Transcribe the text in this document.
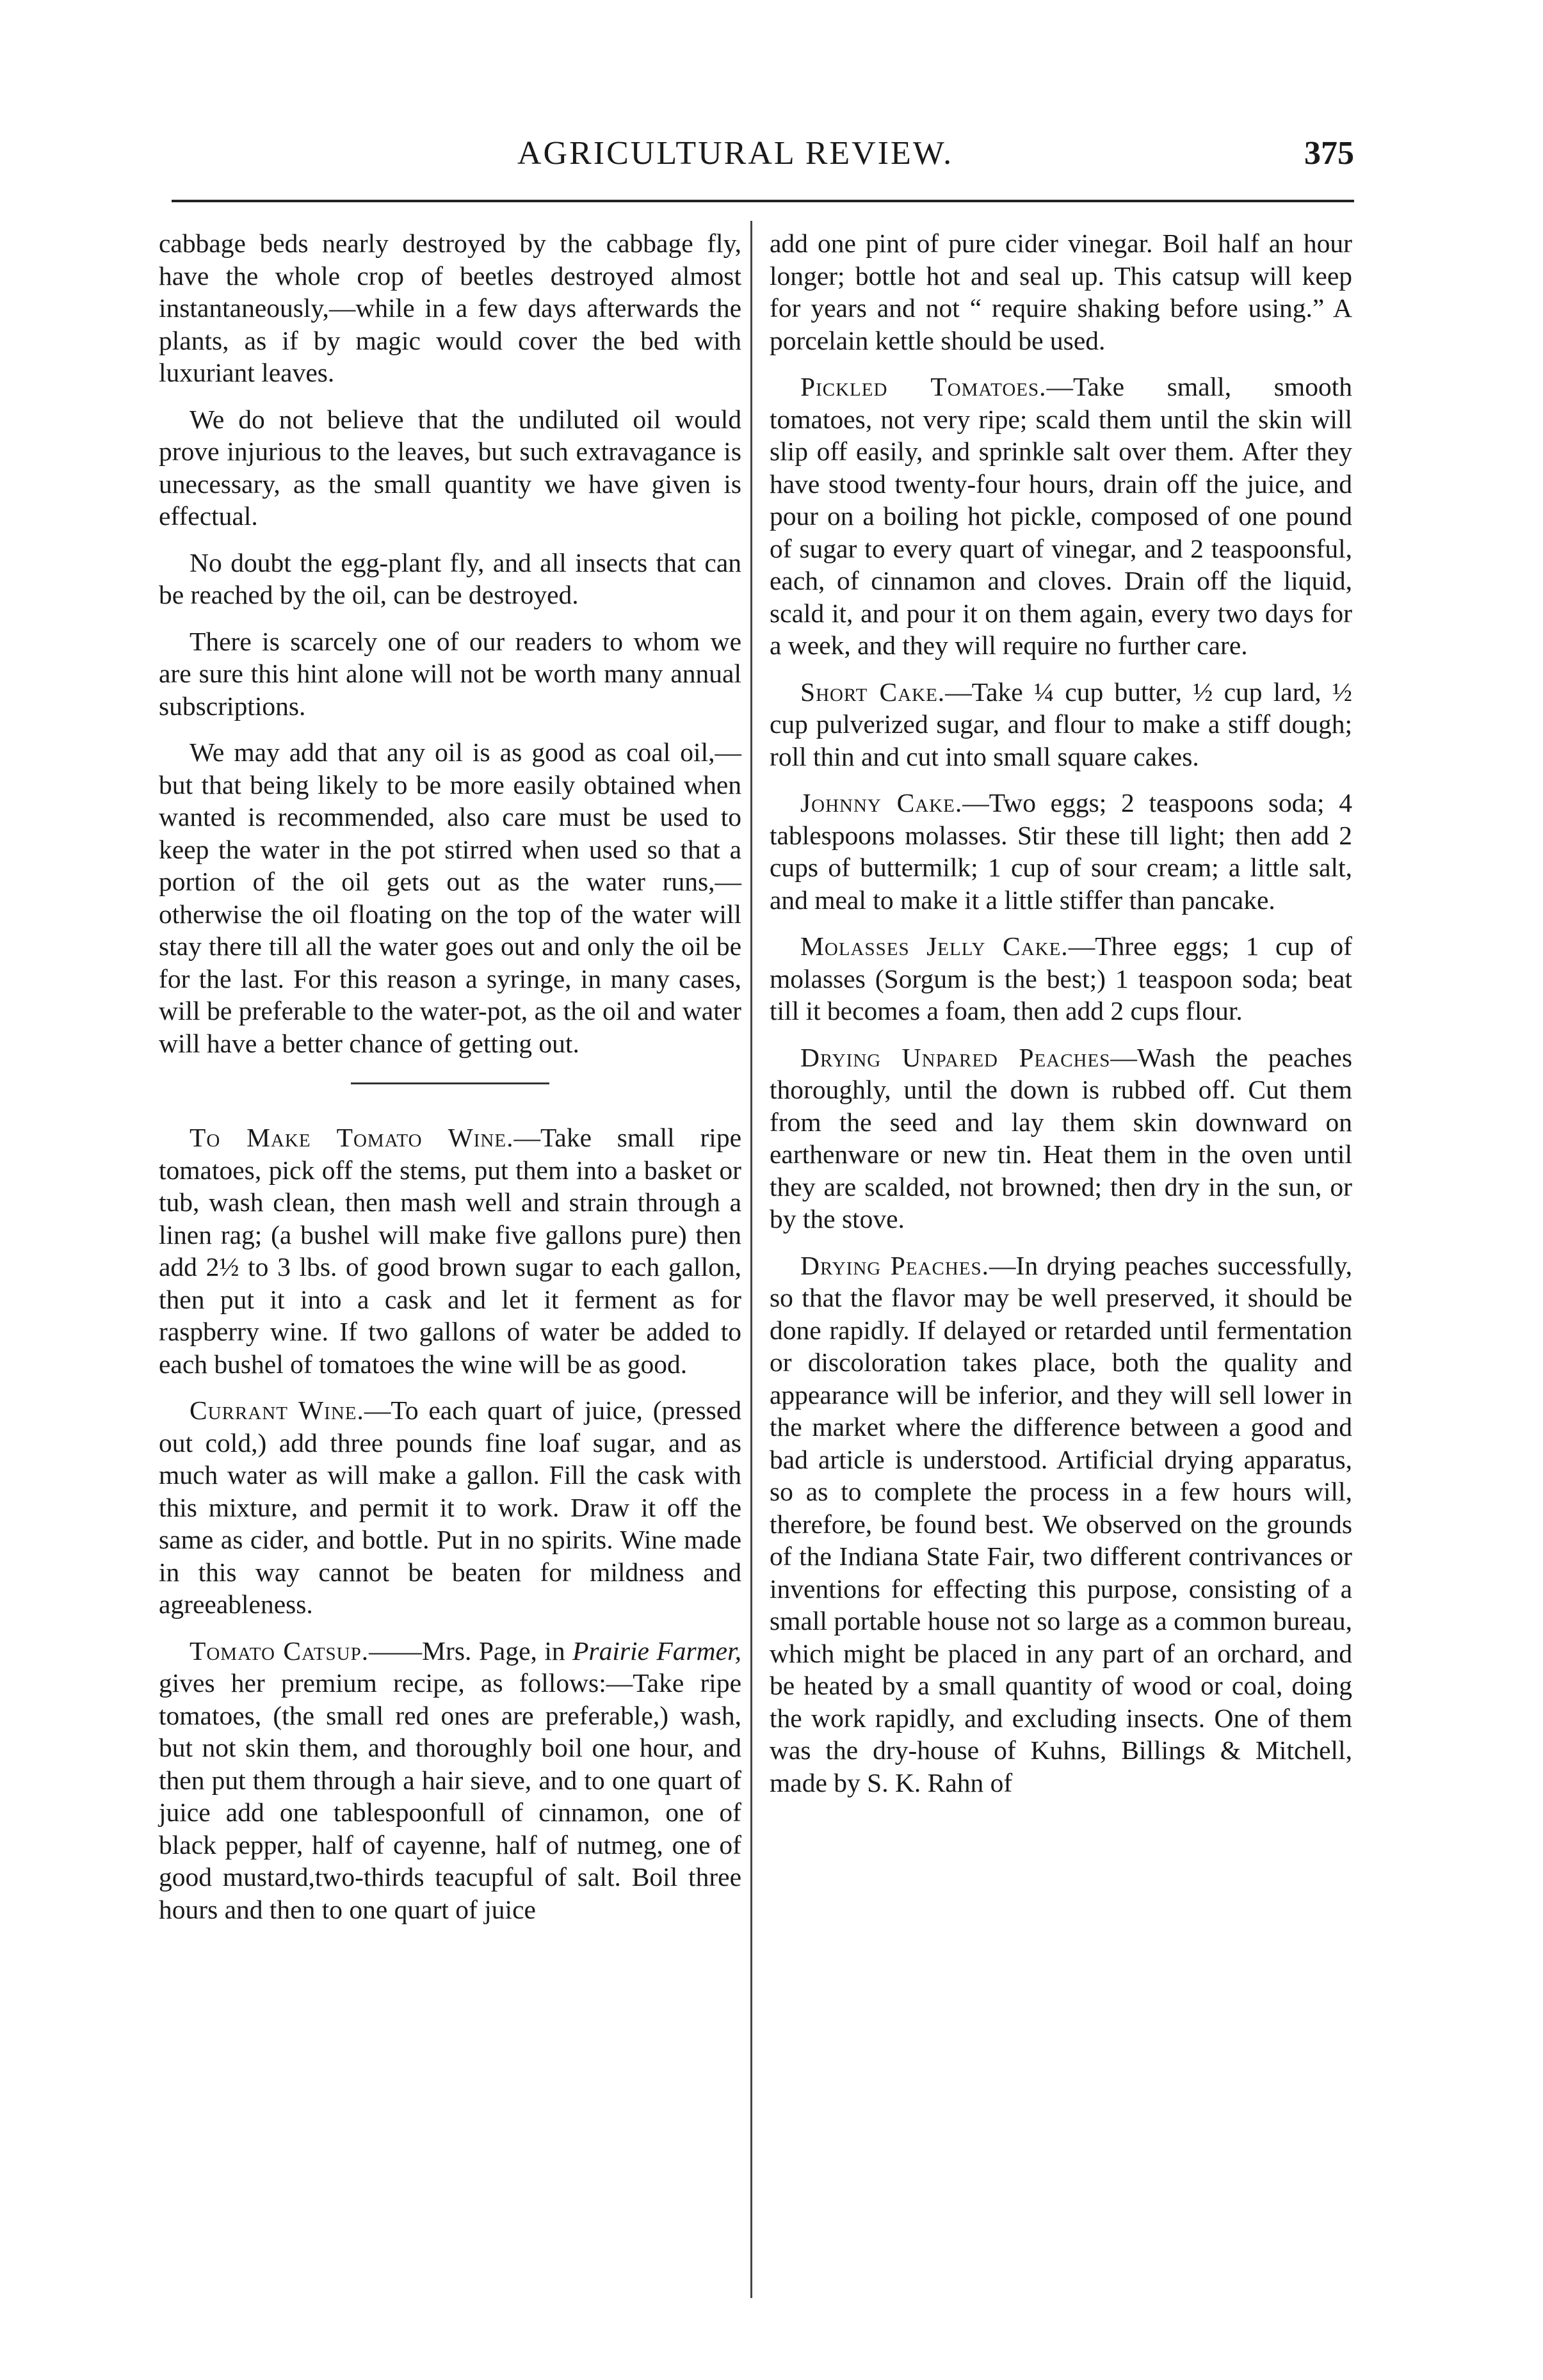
AGRICULTURAL REVIEW.	375

cabbage beds nearly destroyed by the cabbage fly, have the whole crop of beetles destroyed almost instantaneously,—while in a few days afterwards the plants, as if by magic would cover the bed with luxuriant leaves.

We do not believe that the undiluted oil would prove injurious to the leaves, but such extravagance is unecessary, as the small quantity we have given is effectual.

No doubt the egg-plant fly, and all insects that can be reached by the oil, can be destroyed.

There is scarcely one of our readers to whom we are sure this hint alone will not be worth many annual subscriptions.

We may add that any oil is as good as coal oil,—but that being likely to be more easily obtained when wanted is recommended, also care must be used to keep the water in the pot stirred when used so that a portion of the oil gets out as the water runs,—otherwise the oil floating on the top of the water will stay there till all the water goes out and only the oil be for the last. For this reason a syringe, in many cases, will be preferable to the water-pot, as the oil and water will have a better chance of getting out.

To Make Tomato Wine.—Take small ripe tomatoes, pick off the stems, put them into a basket or tub, wash clean, then mash well and strain through a linen rag; (a bushel will make five gallons pure) then add 2½ to 3 lbs. of good brown sugar to each gallon, then put it into a cask and let it ferment as for raspberry wine. If two gallons of water be added to each bushel of tomatoes the wine will be as good.

Currant Wine.—To each quart of juice, (pressed out cold,) add three pounds fine loaf sugar, and as much water as will make a gallon. Fill the cask with this mixture, and permit it to work. Draw it off the same as cider, and bottle. Put in no spirits. Wine made in this way cannot be beaten for mildness and agreeableness.

Tomato Catsup.——Mrs. Page, in Prairie Farmer, gives her premium recipe, as follows:—Take ripe tomatoes, (the small red ones are preferable,) wash, but not skin them, and thoroughly boil one hour, and then put them through a hair sieve, and to one quart of juice add one tablespoonfull of cinnamon, one of black pepper, half of cayenne, half of nutmeg, one of good mustard,two-thirds teacupful of salt. Boil three hours and then to one quart of juice

add one pint of pure cider vinegar. Boil half an hour longer; bottle hot and seal up. This catsup will keep for years and not “ require shaking before using.” A porcelain kettle should be used.

Pickled Tomatoes.—Take small, smooth tomatoes, not very ripe; scald them until the skin will slip off easily, and sprinkle salt over them. After they have stood twenty-four hours, drain off the juice, and pour on a boiling hot pickle, composed of one pound of sugar to every quart of vinegar, and 2 teaspoonsful, each, of cinnamon and cloves. Drain off the liquid, scald it, and pour it on them again, every two days for a week, and they will require no further care.

Short Cake.—Take ¼ cup butter, ½ cup lard, ½ cup pulverized sugar, and flour to make a stiff dough; roll thin and cut into small square cakes.

Johnny Cake.—Two eggs; 2 teaspoons soda; 4 tablespoons molasses. Stir these till light; then add 2 cups of buttermilk; 1 cup of sour cream; a little salt, and meal to make it a little stiffer than pancake.

Molasses Jelly Cake.—Three eggs; 1 cup of molasses (Sorgum is the best;) 1 teaspoon soda; beat till it becomes a foam, then add 2 cups flour.

Drying Unpared Peaches—Wash the peaches thoroughly, until the down is rubbed off. Cut them from the seed and lay them skin downward on earthenware or new tin. Heat them in the oven until they are scalded, not browned; then dry in the sun, or by the stove.

Drying Peaches.—In drying peaches successfully, so that the flavor may be well preserved, it should be done rapidly. If delayed or retarded until fermentation or discoloration takes place, both the quality and appearance will be inferior, and they will sell lower in the market where the difference between a good and bad article is understood. Artificial drying apparatus, so as to complete the process in a few hours will, therefore, be found best. We observed on the grounds of the Indiana State Fair, two different contrivances or inventions for effecting this purpose, consisting of a small portable house not so large as a common bureau, which might be placed in any part of an orchard, and be heated by a small quantity of wood or coal, doing the work rapidly, and excluding insects. One of them was the dry-house of Kuhns, Billings & Mitchell, made by S. K. Rahn of
